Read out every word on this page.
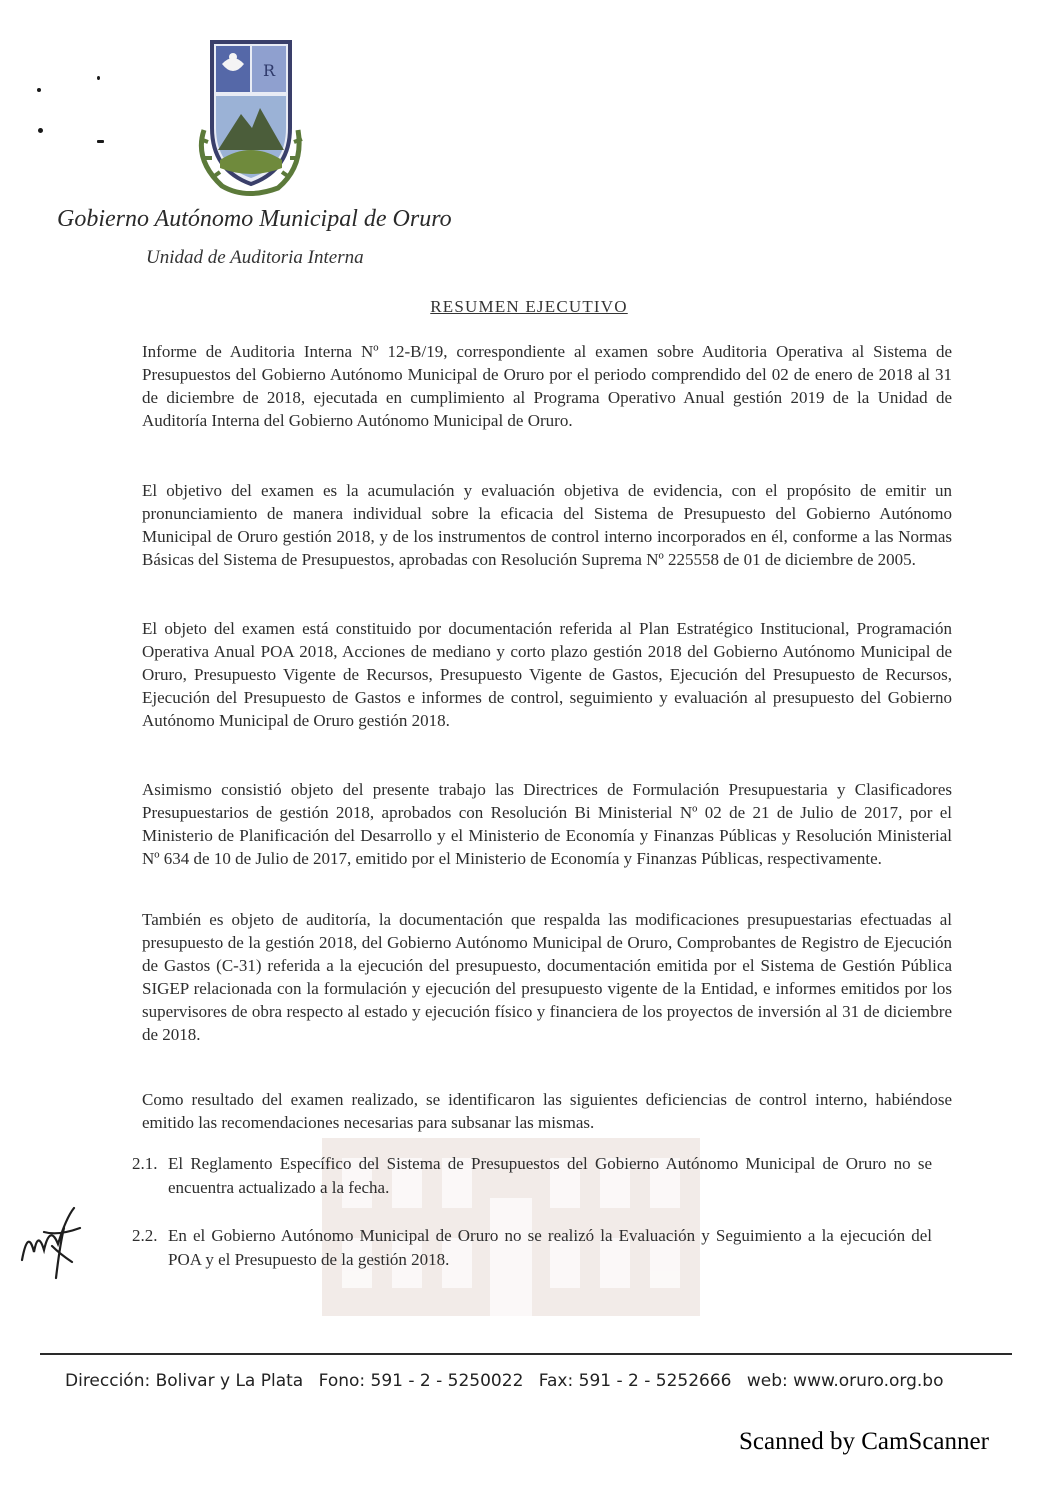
R
Gobierno Autónomo Municipal de Oruro
Unidad de Auditoria Interna
RESUMEN EJECUTIVO
Informe de Auditoria Interna Nº 12-B/19, correspondiente al examen sobre Auditoria Operativa al Sistema de Presupuestos del Gobierno Autónomo Municipal de Oruro por el periodo comprendido del 02 de enero de 2018 al 31 de diciembre de 2018, ejecutada en cumplimiento al Programa Operativo Anual gestión 2019 de la Unidad de Auditoría Interna del Gobierno Autónomo Municipal de Oruro.
El objetivo del examen es la acumulación y evaluación objetiva de evidencia, con el propósito de emitir un pronunciamiento de manera individual sobre la eficacia del Sistema de Presupuesto del Gobierno Autónomo Municipal de Oruro gestión 2018, y de los instrumentos de control interno incorporados en él, conforme a las Normas Básicas del Sistema de Presupuestos, aprobadas con Resolución Suprema Nº 225558 de 01 de diciembre de 2005.
El objeto del examen está constituido por documentación referida al Plan Estratégico Institucional, Programación Operativa Anual POA 2018, Acciones de mediano y corto plazo gestión 2018 del Gobierno Autónomo Municipal de Oruro, Presupuesto Vigente de Recursos, Presupuesto Vigente de Gastos, Ejecución del Presupuesto de Recursos, Ejecución del Presupuesto de Gastos e informes de control, seguimiento y evaluación al presupuesto del Gobierno Autónomo Municipal de Oruro gestión 2018.
Asimismo consistió objeto del presente trabajo las Directrices de Formulación Presupuestaria y Clasificadores Presupuestarios de gestión 2018, aprobados con Resolución Bi Ministerial Nº 02 de 21 de Julio de 2017, por el Ministerio de Planificación del Desarrollo y el Ministerio de Economía y Finanzas Públicas y Resolución Ministerial Nº 634 de 10 de Julio de 2017, emitido por el Ministerio de Economía y Finanzas Públicas, respectivamente.
También es objeto de auditoría, la documentación que respalda las modificaciones presupuestarias efectuadas al presupuesto de la gestión 2018, del Gobierno Autónomo Municipal de Oruro, Comprobantes de Registro de Ejecución de Gastos (C-31) referida a la ejecución del presupuesto, documentación emitida por el Sistema de Gestión Pública SIGEP relacionada con la formulación y ejecución del presupuesto vigente de la Entidad, e informes emitidos por los supervisores de obra respecto al estado y ejecución físico y financiera de los proyectos de inversión al 31 de diciembre de 2018.
Como resultado del examen realizado, se identificaron las siguientes deficiencias de control interno, habiéndose emitido las recomendaciones necesarias para subsanar las mismas.
2.1. El Reglamento Específico del Sistema de Presupuestos del Gobierno Autónomo Municipal de Oruro no se encuentra actualizado a la fecha.
2.2. En el Gobierno Autónomo Municipal de Oruro no se realizó la Evaluación y Seguimiento a la ejecución del POA y el Presupuesto de la gestión 2018.
Dirección: Bolivar y La Plata Fono: 591 - 2 - 5250022 Fax: 591 - 2 - 5252666 web: www.oruro.org.bo
Scanned by CamScanner
